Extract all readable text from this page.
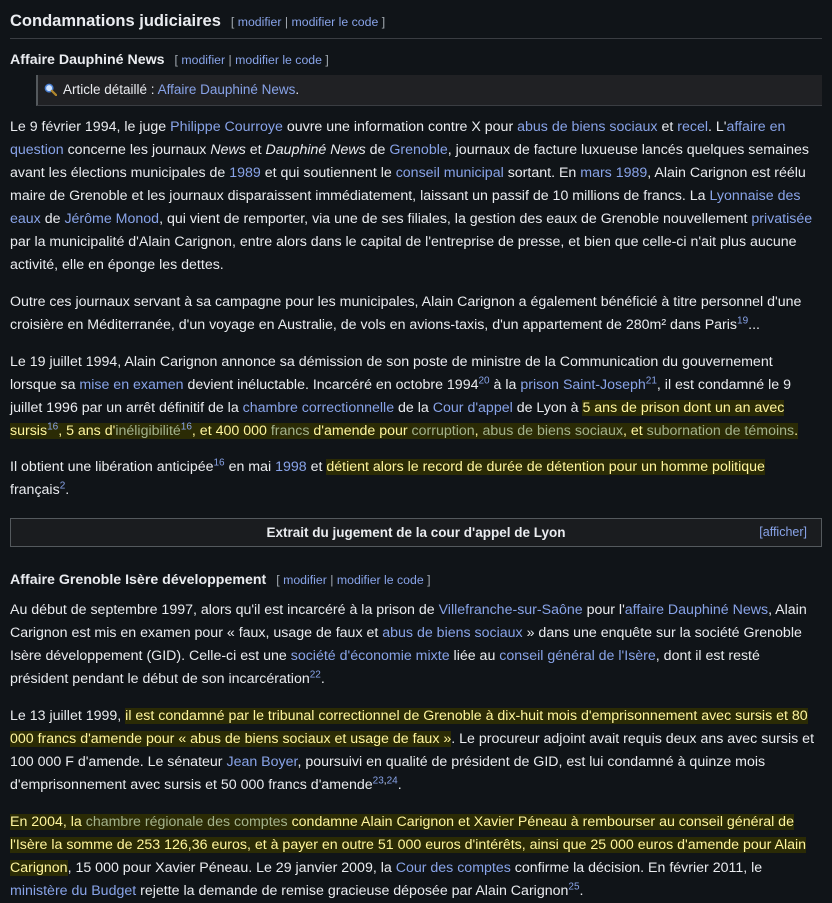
Condamnations judiciaires [ modifier | modifier le code ]
Affaire Dauphiné News [ modifier | modifier le code ]
Article détaillé : Affaire Dauphiné News.

Le 9 février 1994, le juge Philippe Courroye ouvre une information contre X pour abus de biens sociaux et recel. L'affaire en question concerne les journaux News et Dauphiné News de Grenoble, journaux de facture luxueuse lancés quelques semaines avant les élections municipales de 1989 et qui soutiennent le conseil municipal sortant. En mars 1989, Alain Carignon est réélu maire de Grenoble et les journaux disparaissent immédiatement, laissant un passif de 10 millions de francs. La Lyonnaise des eaux de Jérôme Monod, qui vient de remporter, via une de ses filiales, la gestion des eaux de Grenoble nouvellement privatisée par la municipalité d'Alain Carignon, entre alors dans le capital de l'entreprise de presse, et bien que celle-ci n'ait plus aucune activité, elle en éponge les dettes.

Outre ces journaux servant à sa campagne pour les municipales, Alain Carignon a également bénéficié à titre personnel d'une croisière en Méditerranée, d'un voyage en Australie, de vols en avions-taxis, d'un appartement de 280m² dans Paris$^{19}$...

Le 19 juillet 1994, Alain Carignon annonce sa démission de son poste de ministre de la Communication du gouvernement lorsque sa mise en examen devient inéluctable. Incarcéré en octobre 1994$^{20}$ à la prison Saint-Joseph$^{21}$, il est condamné le 9 juillet 1996 par un arrêt définitif de la chambre correctionnelle de la Cour d'appel de Lyon à 5 ans de prison dont un an avec sursis$^{16}$, 5 ans d'inéligibilité$^{16}$, et 400 000 francs d'amende pour corruption, abus de biens sociaux, et subornation de témoins.

Il obtient une libération anticipée$^{16}$ en mai 1998 et détient alors le record de durée de détention pour un homme politique français$^2$.

Extrait du jugement de la cour d'appel de Lyon	[afficher]
Affaire Grenoble Isère développement [ modifier | modifier le code ]

Au début de septembre 1997, alors qu'il est incarcéré à la prison de Villefranche-sur-Saône pour l'affaire Dauphiné News, Alain Carignon est mis en examen pour « faux, usage de faux et abus de biens sociaux » dans une enquête sur la société Grenoble Isère développement (GID). Celle-ci est une société d'économie mixte liée au conseil général de l'Isère, dont il est resté président pendant le début de son incarcération$^{22}$.

Le 13 juillet 1999, il est condamné par le tribunal correctionnel de Grenoble à dix-huit mois d'emprisonnement avec sursis et 80 000 francs d'amende pour « abus de biens sociaux et usage de faux ». Le procureur adjoint avait requis deux ans avec sursis et 100 000 F d'amende. Le sénateur Jean Boyer, poursuivi en qualité de président de GID, est lui condamné à quinze mois d'emprisonnement avec sursis et 50 000 francs d'amende$^{23,24}$.

En 2004, la chambre régionale des comptes condamne Alain Carignon et Xavier Péneau à rembourser au conseil général de l'Isère la somme de 253 126,36 euros, et à payer en outre 51 000 euros d'intérêts, ainsi que 25 000 euros d'amende pour Alain Carignon, 15 000 pour Xavier Péneau. Le 29 janvier 2009, la Cour des comptes confirme la décision. En février 2011, le ministère du Budget rejette la demande de remise gracieuse déposée par Alain Carignon$^{25}$.
